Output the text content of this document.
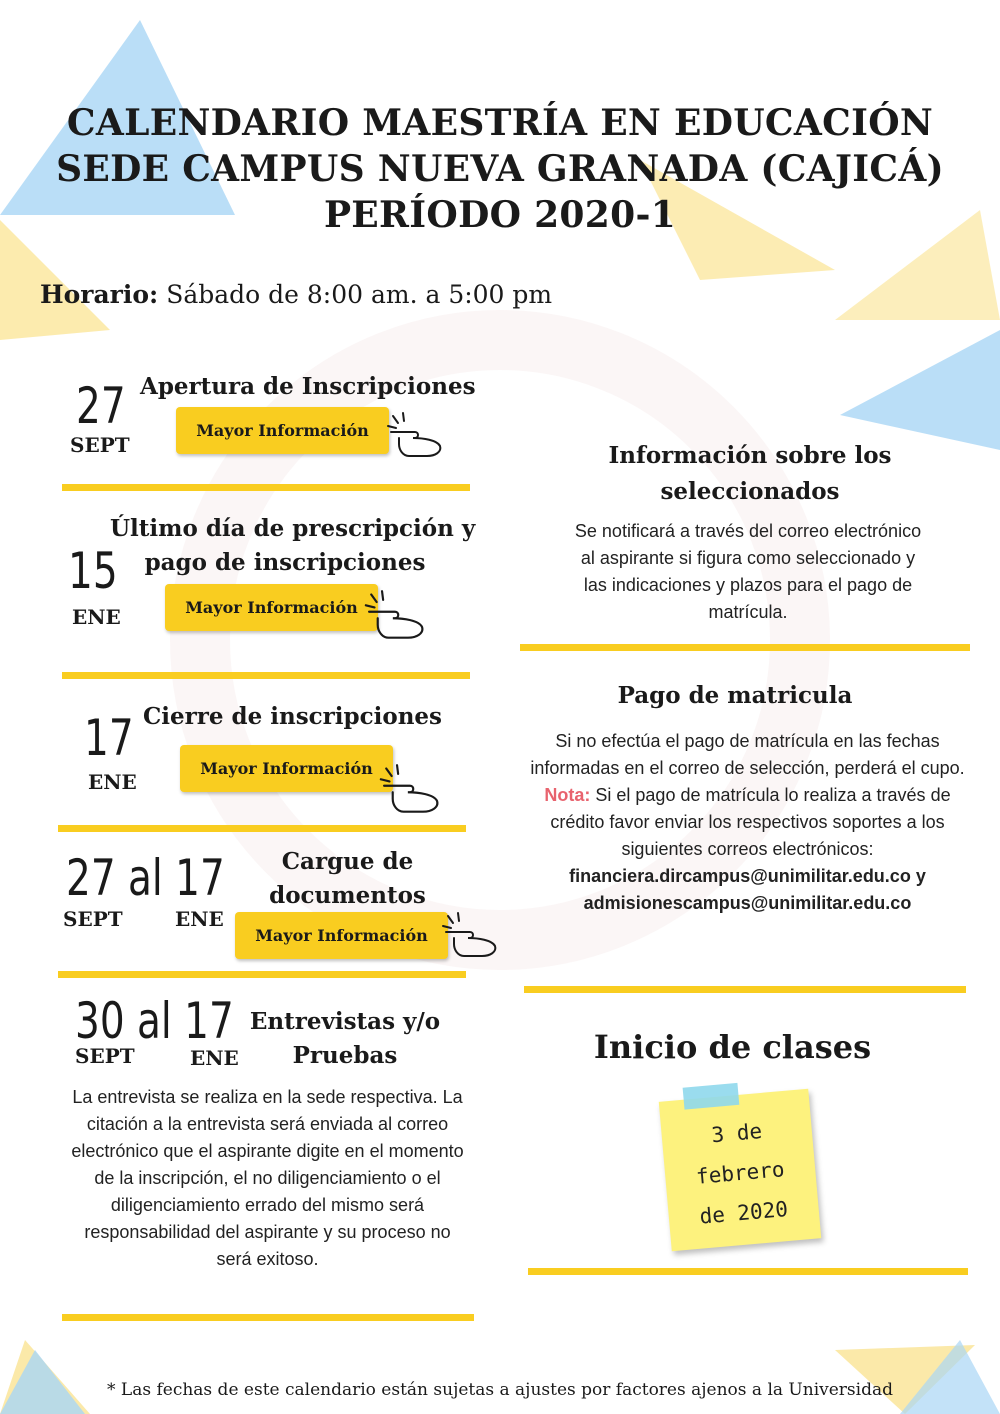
CALENDARIO MAESTRÍA EN EDUCACIÓN
SEDE CAMPUS NUEVA GRANADA (CAJICÁ)
PERÍODO 2020-1
Horario: Sábado de 8:00 am. a 5:00 pm
27
SEPT
Apertura de Inscripciones
Mayor Información
15
ENE
Último día de prescripción y
pago de inscripciones
Mayor Información
17
ENE
Cierre de inscripciones
Mayor Información
27 al 17
SEPT	ENE
Cargue de
documentos
Mayor Información
30 al 17
SEPT	ENE
Entrevistas y/o
Pruebas
La entrevista se realiza en la sede respectiva. La citación a la entrevista será enviada al correo electrónico que el aspirante digite en el momento de la inscripción, el no diligenciamiento o el diligenciamiento errado del mismo será responsabilidad del aspirante y su proceso no será exitoso.
Información sobre los
seleccionados
Se notificará a través del correo electrónico al aspirante si figura como seleccionado y las indicaciones y plazos para el pago de matrícula.
Pago de matricula
Si no efectúa el pago de matrícula en las fechas informadas en el correo de selección, perderá el cupo.
Nota: Si el pago de matrícula lo realiza a través de crédito favor enviar los respectivos soportes a los siguientes correos electrónicos:
financiera.dircampus@unimilitar.edu.co y
admisionescampus@unimilitar.edu.co
Inicio de clases
3 de
febrero
de 2020
* Las fechas de este calendario están sujetas a ajustes por factores ajenos a la Universidad
